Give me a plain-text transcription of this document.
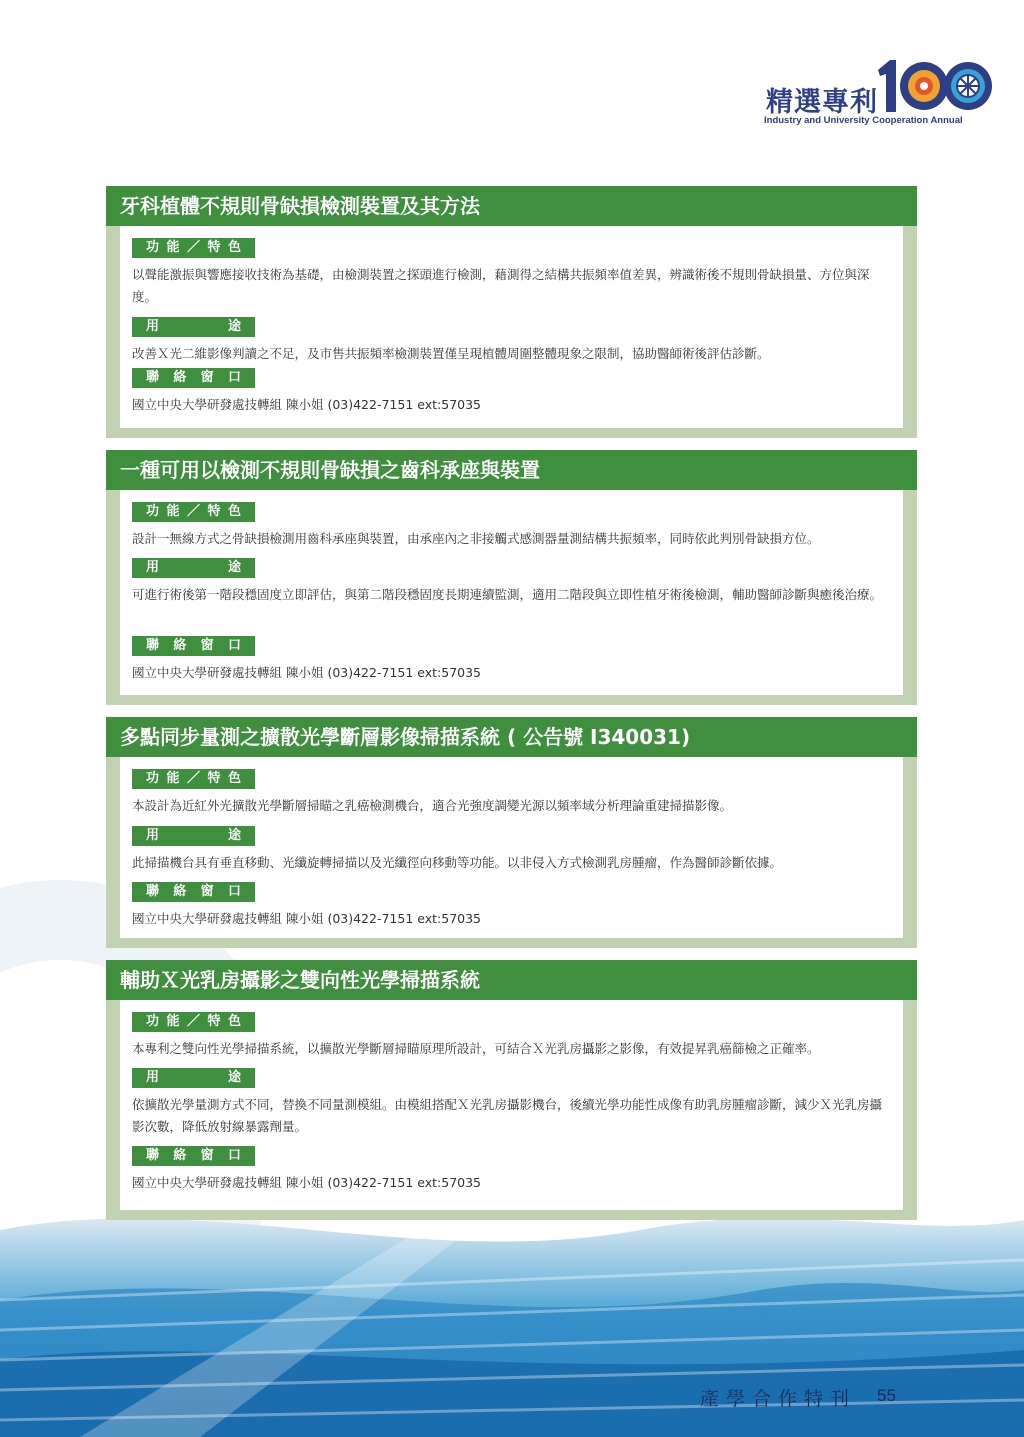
精選專利
Industry and University Cooperation Annual
牙科植體不規則骨缺損檢測裝置及其方法
功能／特色
以聲能激振與響應接收技術為基礎，由檢測裝置之探頭進行檢測，藉測得之結構共振頻率值差異，辨識術後不規則骨缺損量、方位與深度。
用途
改善Ｘ光二維影像判讀之不足，及市售共振頻率檢測裝置僅呈現植體周圍整體現象之限制，協助醫師術後評估診斷。
聯絡窗口
國立中央大學研發處技轉組 陳小姐 (03)422-7151 ext:57035
一種可用以檢測不規則骨缺損之齒科承座與裝置
功能／特色
設計一無線方式之骨缺損檢測用齒科承座與裝置，由承座內之非接觸式感測器量測結構共振頻率，同時依此判別骨缺損方位。
用途
可進行術後第一階段穩固度立即評估，與第二階段穩固度長期連續監測，適用二階段與立即性植牙術後檢測，輔助醫師診斷與癒後治療。
聯絡窗口
國立中央大學研發處技轉組 陳小姐 (03)422-7151 ext:57035
多點同步量測之擴散光學斷層影像掃描系統 ( 公告號 I340031)
功能／特色
本設計為近紅外光擴散光學斷層掃瞄之乳癌檢測機台，適合光強度調變光源以頻率域分析理論重建掃描影像。
用途
此掃描機台具有垂直移動、光纖旋轉掃描以及光纖徑向移動等功能。以非侵入方式檢測乳房腫瘤，作為醫師診斷依據。
聯絡窗口
國立中央大學研發處技轉組 陳小姐 (03)422-7151 ext:57035
輔助Ｘ光乳房攝影之雙向性光學掃描系統
功能／特色
本專利之雙向性光學掃描系統，以擴散光學斷層掃瞄原理所設計，可結合Ｘ光乳房攝影之影像，有效提昇乳癌篩檢之正確率。
用途
依擴散光學量測方式不同，替換不同量測模組。由模組搭配Ｘ光乳房攝影機台，後續光學功能性成像有助乳房腫瘤診斷，減少Ｘ光乳房攝影次數，降低放射線暴露劑量。
聯絡窗口
國立中央大學研發處技轉組 陳小姐 (03)422-7151 ext:57035
產學合作特刊 55
